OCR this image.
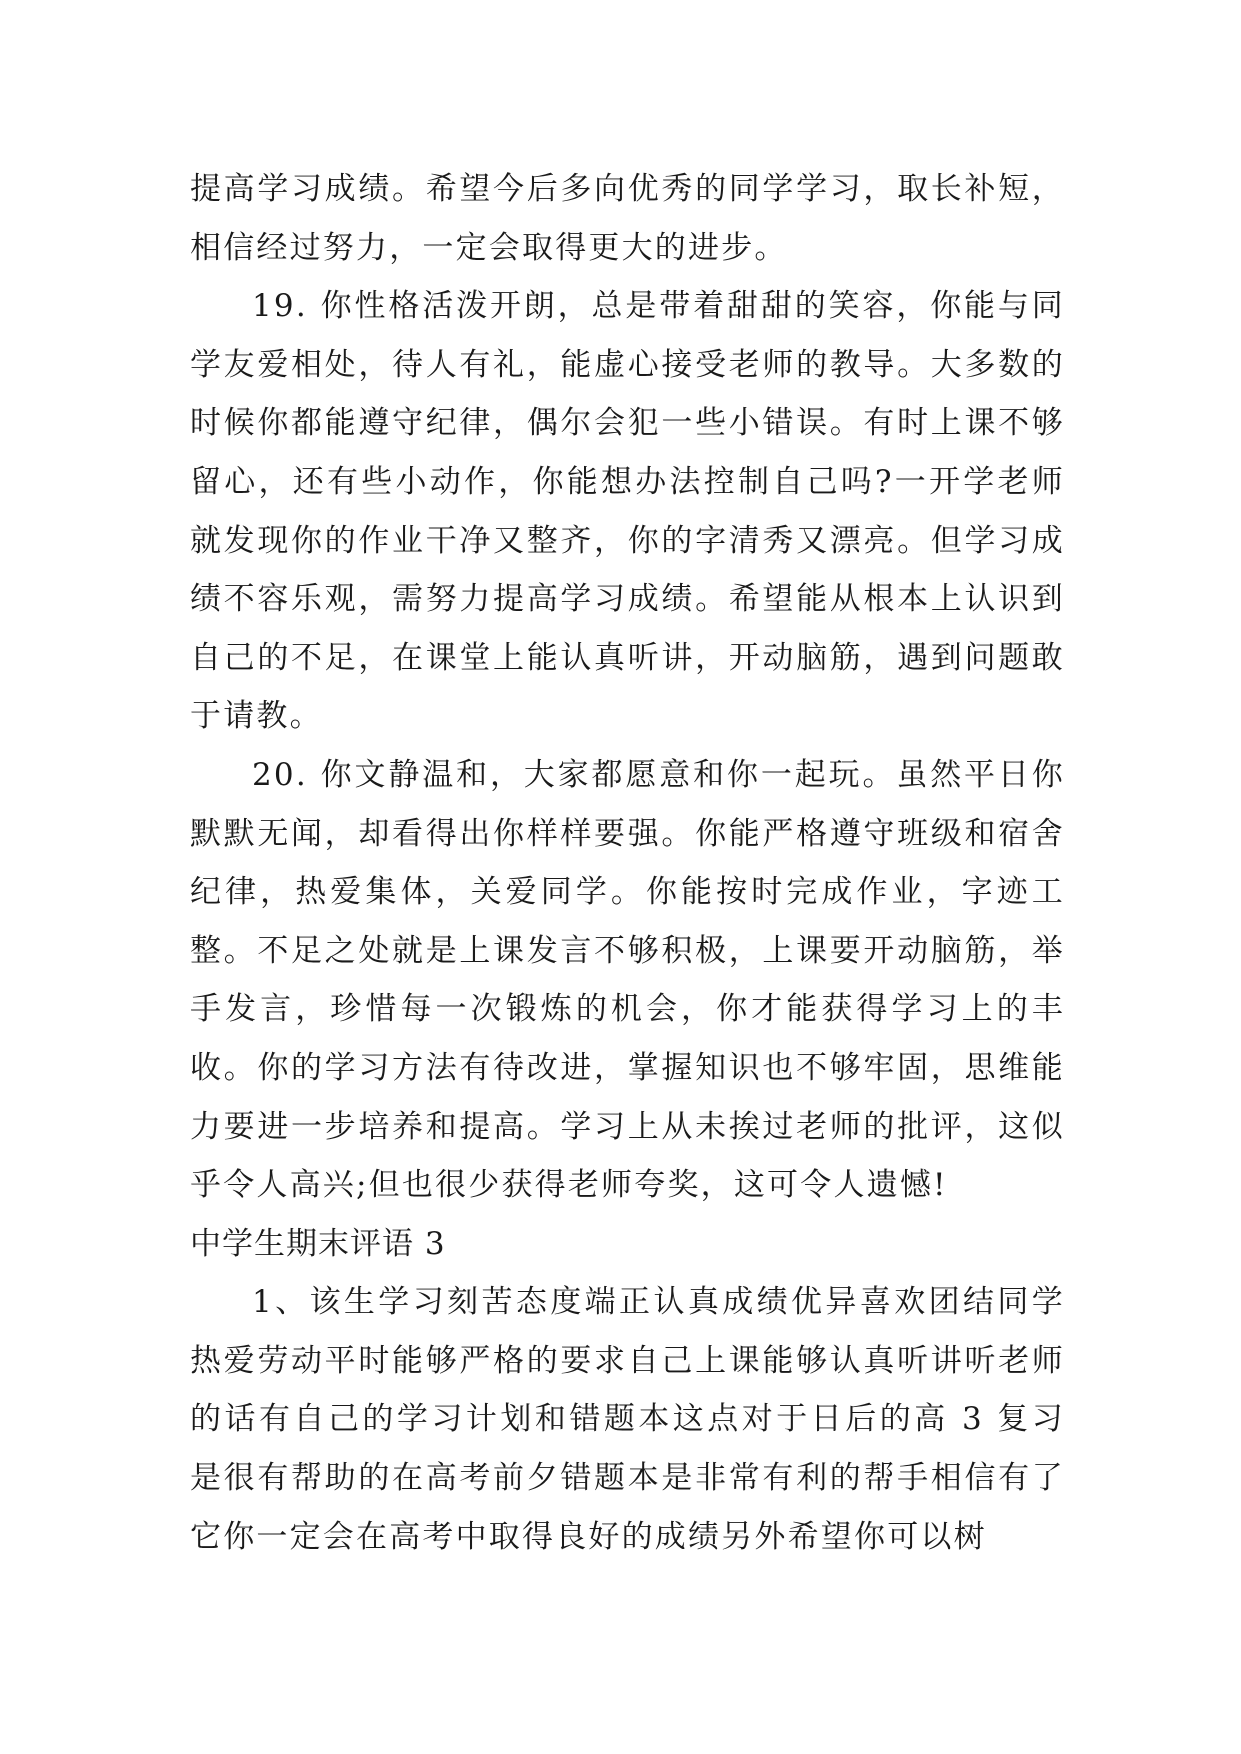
提高学习成绩。希望今后多向优秀的同学学习，取长补短，相信经过努力，一定会取得更大的进步。

19. 你性格活泼开朗，总是带着甜甜的笑容，你能与同学友爱相处，待人有礼，能虚心接受老师的教导。大多数的时候你都能遵守纪律，偶尔会犯一些小错误。有时上课不够留心，还有些小动作，你能想办法控制自己吗?一开学老师就发现你的作业干净又整齐，你的字清秀又漂亮。但学习成绩不容乐观，需努力提高学习成绩。希望能从根本上认识到自己的不足，在课堂上能认真听讲，开动脑筋，遇到问题敢于请教。

20. 你文静温和，大家都愿意和你一起玩。虽然平日你默默无闻，却看得出你样样要强。你能严格遵守班级和宿舍纪律，热爱集体，关爱同学。你能按时完成作业，字迹工整。不足之处就是上课发言不够积极，上课要开动脑筋，举手发言，珍惜每一次锻炼的机会，你才能获得学习上的丰收。你的学习方法有待改进，掌握知识也不够牢固，思维能力要进一步培养和提高。学习上从未挨过老师的批评，这似乎令人高兴;但也很少获得老师夸奖，这可令人遗憾!

中学生期末评语 3

1、该生学习刻苦态度端正认真成绩优异喜欢团结同学热爱劳动平时能够严格的要求自己上课能够认真听讲听老师的话有自己的学习计划和错题本这点对于日后的高 3 复习是很有帮助的在高考前夕错题本是非常有利的帮手相信有了它你一定会在高考中取得良好的成绩另外希望你可以树
